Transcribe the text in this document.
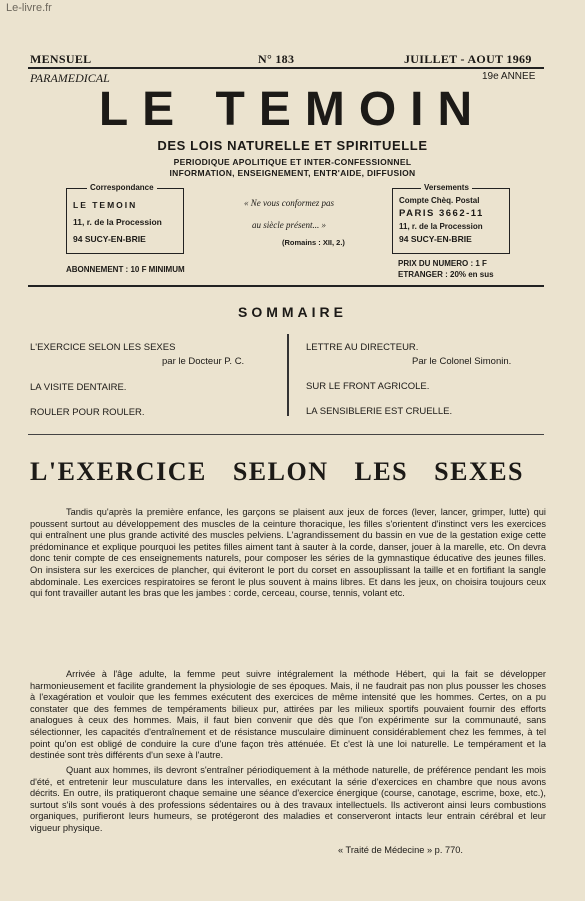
Le-livre.fr
MENSUEL	N° 183	JUILLET - AOUT 1969
PARAMEDICAL	19e ANNEE
LE TEMOIN
DES LOIS NATURELLE ET SPIRITUELLE
PERIODIQUE APOLITIQUE ET INTER-CONFESSIONNEL
INFORMATION, ENSEIGNEMENT, ENTR'AIDE, DIFFUSION
Correspondance
LE TEMOIN
11, r. de la Procession
94 SUCY-EN-BRIE
« Ne vous conformez pas
au siècle présent... »
(Romains : XII, 2.)
Versements
Compte Chèq. Postal
PARIS 3662-11
11, r. de la Procession
94 SUCY-EN-BRIE
ABONNEMENT : 10 F MINIMUM
PRIX DU NUMERO : 1 F
ETRANGER : 20% en sus
SOMMAIRE
L'EXERCICE SELON LES SEXES
par le Docteur P. C.
LA VISITE DENTAIRE.
ROULER POUR ROULER.
LETTRE AU DIRECTEUR.
Par le Colonel Simonin.
SUR LE FRONT AGRICOLE.
LA SENSIBLERIE EST CRUELLE.
L'EXERCICE SELON LES SEXES
Tandis qu'après la première enfance, les garçons se plaisent aux jeux de forces (lever, lancer, grimper, lutte) qui poussent surtout au développement des muscles de la ceinture thoracique, les filles s'orientent d'instinct vers les exercices qui entraînent une plus grande activité des muscles pelviens. L'agrandissement du bassin en vue de la gestation exige cette prédominance et explique pourquoi les petites filles aiment tant à sauter à la corde, danser, jouer à la marelle, etc. On devra donc tenir compte de ces enseignements naturels, pour composer les séries de la gymnastique éducative des jeunes filles. On insistera sur les exercices de plancher, qui éviteront le port du corset en assouplissant la taille et en fortifiant la sangle abdominale. Les exercices respiratoires se feront le plus souvent à mains libres. Et dans les jeux, on choisira toujours ceux qui font travailler autant les bras que les jambes : corde, cerceau, course, tennis, volant etc.
Arrivée à l'âge adulte, la femme peut suivre intégralement la méthode Hébert, qui la fait se développer harmonieusement et facilite grandement la physiologie de ses époques. Mais, il ne faudrait pas non plus pousser les choses à l'exagération et vouloir que les femmes exécutent des exercices de même intensité que les hommes. Certes, on a pu constater que des femmes de tempéraments bilieux pur, attirées par les milieux sportifs pouvaient fournir des efforts analogues à ceux des hommes. Mais, il faut bien convenir que dès que l'on expérimente sur la communauté, sans sélectionner, les capacités d'entraînement et de résistance musculaire diminuent considérablement chez les femmes, à tel point qu'on est obligé de conduire la cure d'une façon très atténuée. Et c'est là une loi naturelle. Le tempérament et la destinée sont très différents d'un sexe à l'autre.
Quant aux hommes, ils devront s'entraîner périodiquement à la méthode naturelle, de préférence pendant les mois d'été, et entretenir leur musculature dans les intervalles, en exécutant la série d'exercices en chambre que nous avons décrits. En outre, ils pratiqueront chaque semaine une séance d'exercice énergique (course, canotage, escrime, boxe, etc.), surtout s'ils sont voués à des professions sédentaires ou à des travaux intellectuels. Ils activeront ainsi leurs combustions organiques, purifieront leurs humeurs, se protégeront des maladies et conserveront intacts leur entrain cérébral et leur vigueur physique.
« Traité de Médecine » p. 770.
